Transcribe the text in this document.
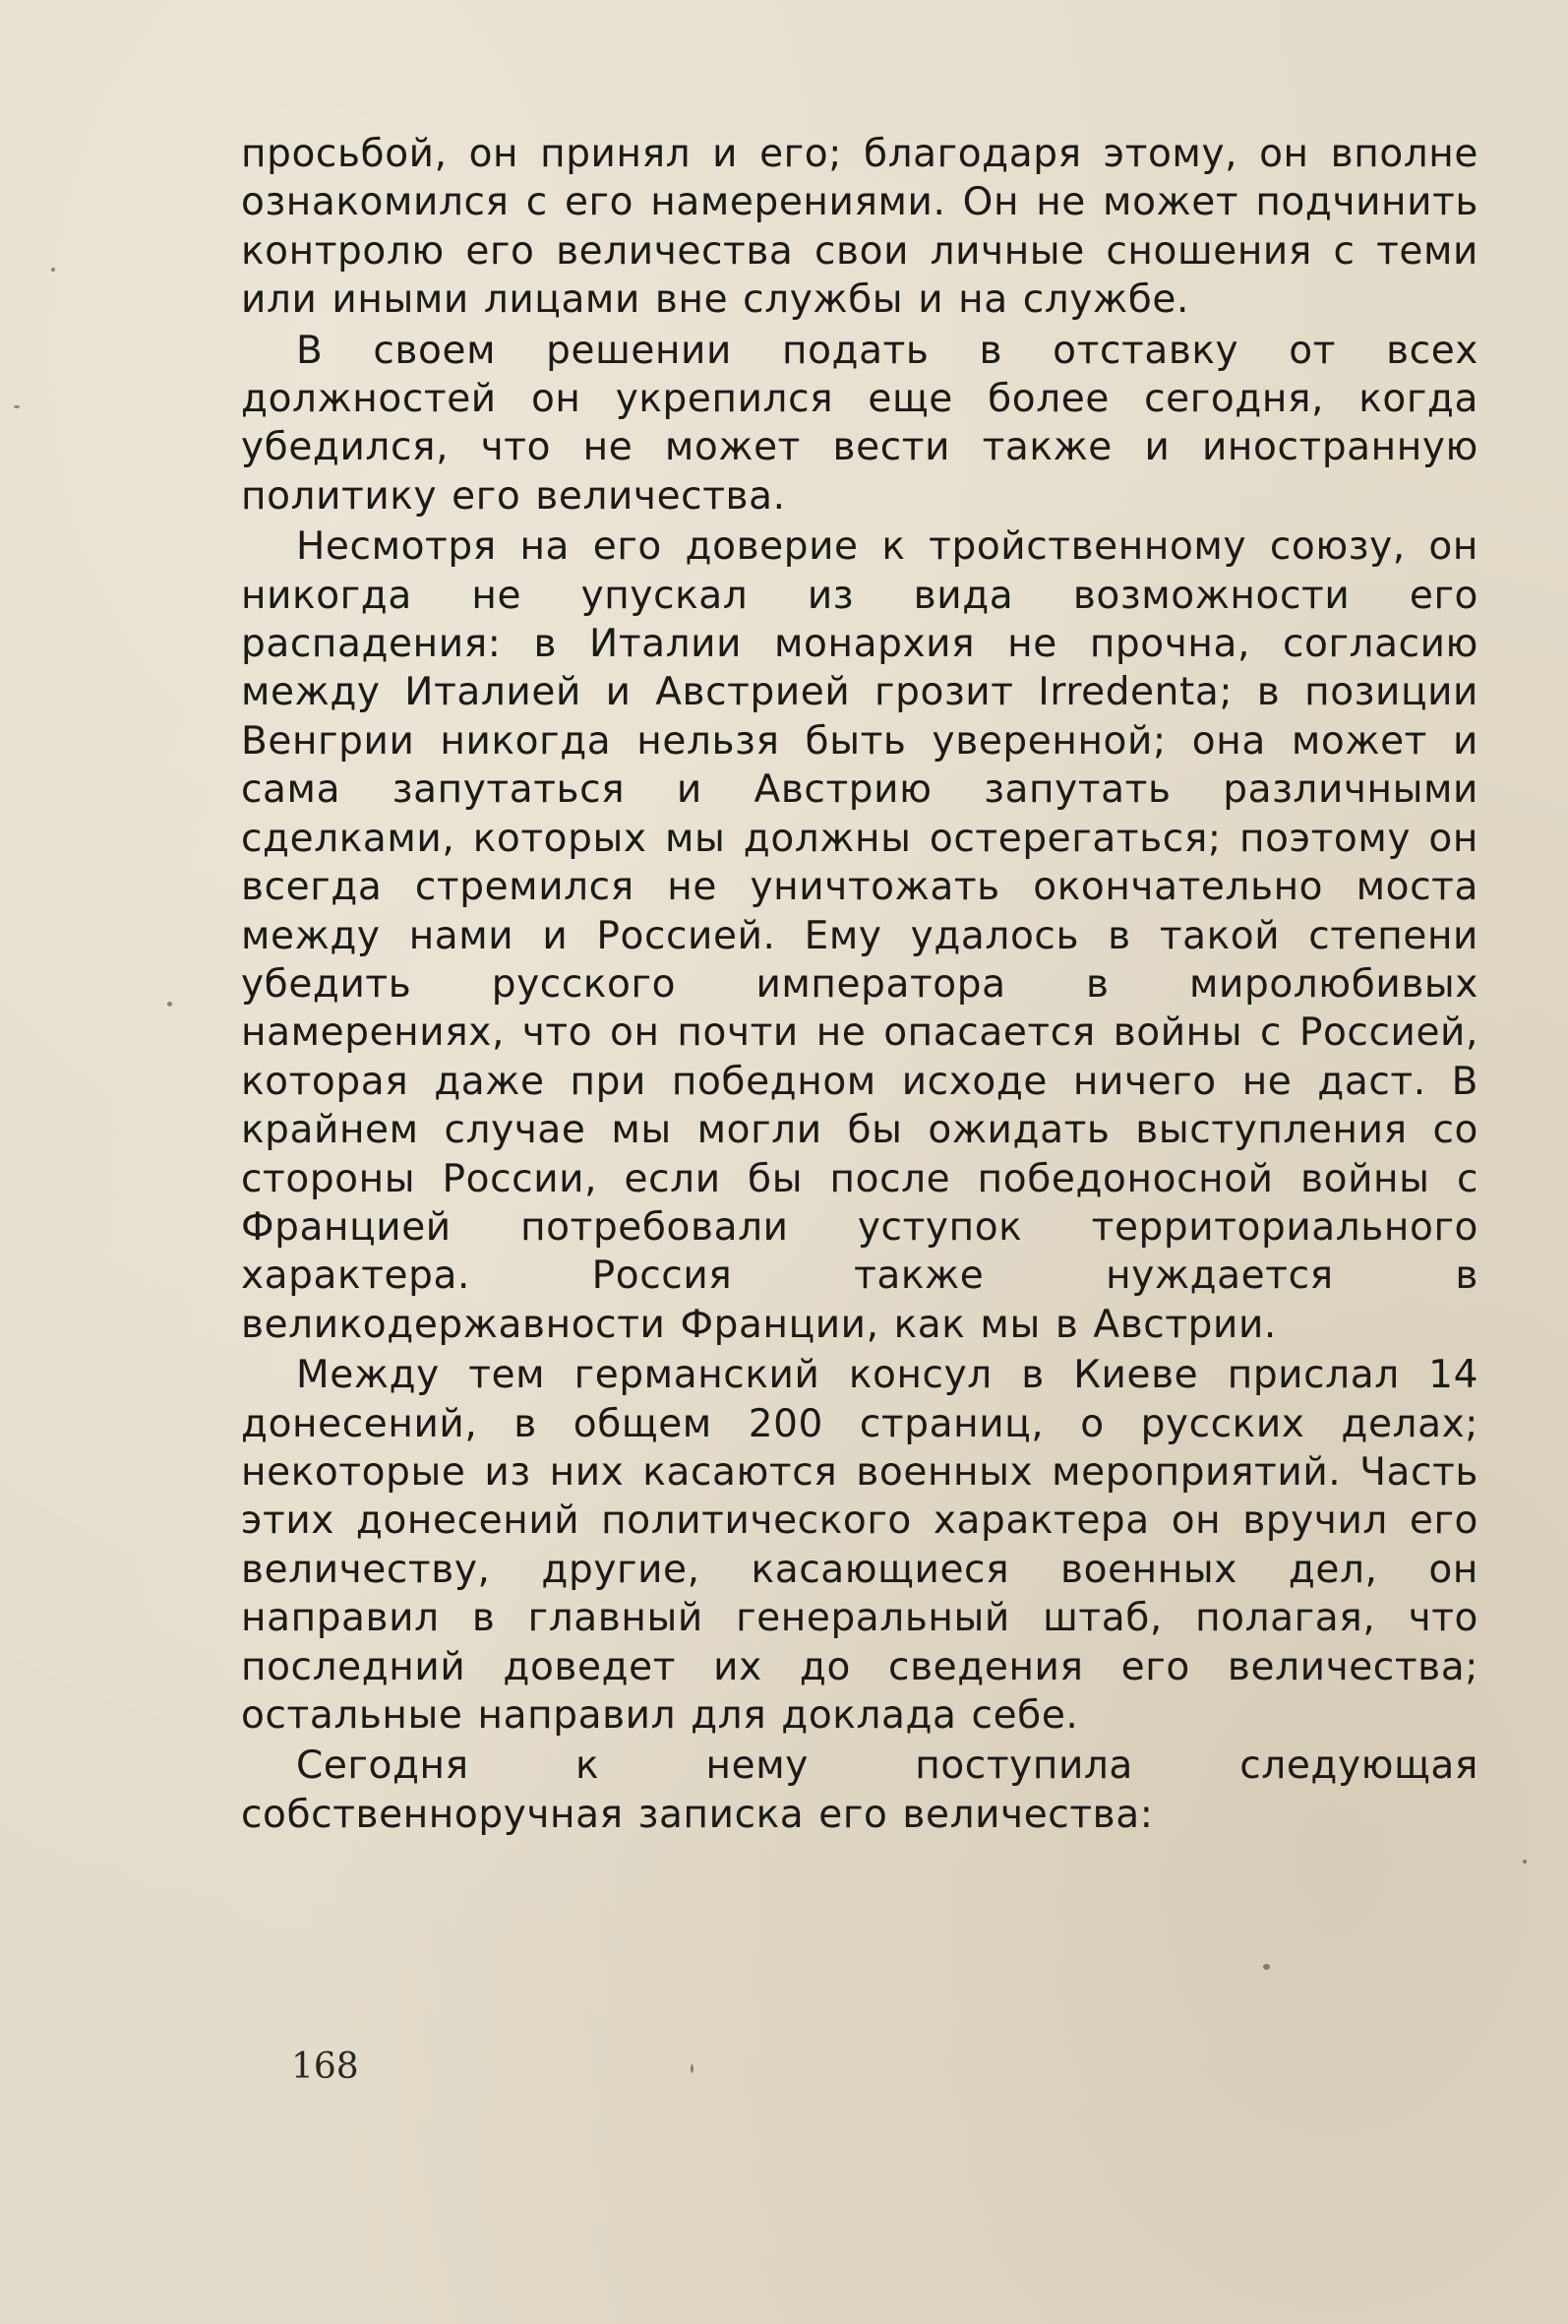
просьбой, он принял и его; благодаря этому, он вполне ознакомился с его намерениями. Он не может подчинить контролю его величества свои личные сношения с теми или иными лицами вне службы и на службе.

В своем решении подать в отставку от всех должностей он укрепился еще более сегодня, когда убедился, что не может вести также и иностранную политику его величества.

Несмотря на его доверие к тройственному союзу, он никогда не упускал из вида возможности его распадения: в Италии монархия не прочна, согласию между Италией и Австрией грозит Irredenta; в позиции Венгрии никогда нельзя быть уверенной; она может и сама запутаться и Австрию запутать различными сделками, которых мы должны остерегаться; поэтому он всегда стремился не уничтожать окончательно моста между нами и Россией. Ему удалось в такой степени убедить русского императора в миролюбивых намерениях, что он почти не опасается войны с Россией, которая даже при победном исходе ничего не даст. В крайнем случае мы могли бы ожидать выступления со стороны России, если бы после победоносной войны с Францией потребовали уступок территориального характера. Россия также нуждается в великодержавности Франции, как мы в Австрии.

Между тем германский консул в Киеве прислал 14 донесений, в общем 200 страниц, о русских делах; некоторые из них касаются военных мероприятий. Часть этих донесений политического характера он вручил его величеству, другие, касающиеся военных дел, он направил в главный генеральный штаб, полагая, что последний доведет их до сведения его величества; остальные направил для доклада себе.

Сегодня к нему поступила следующая собственноручная записка его величества:

168
